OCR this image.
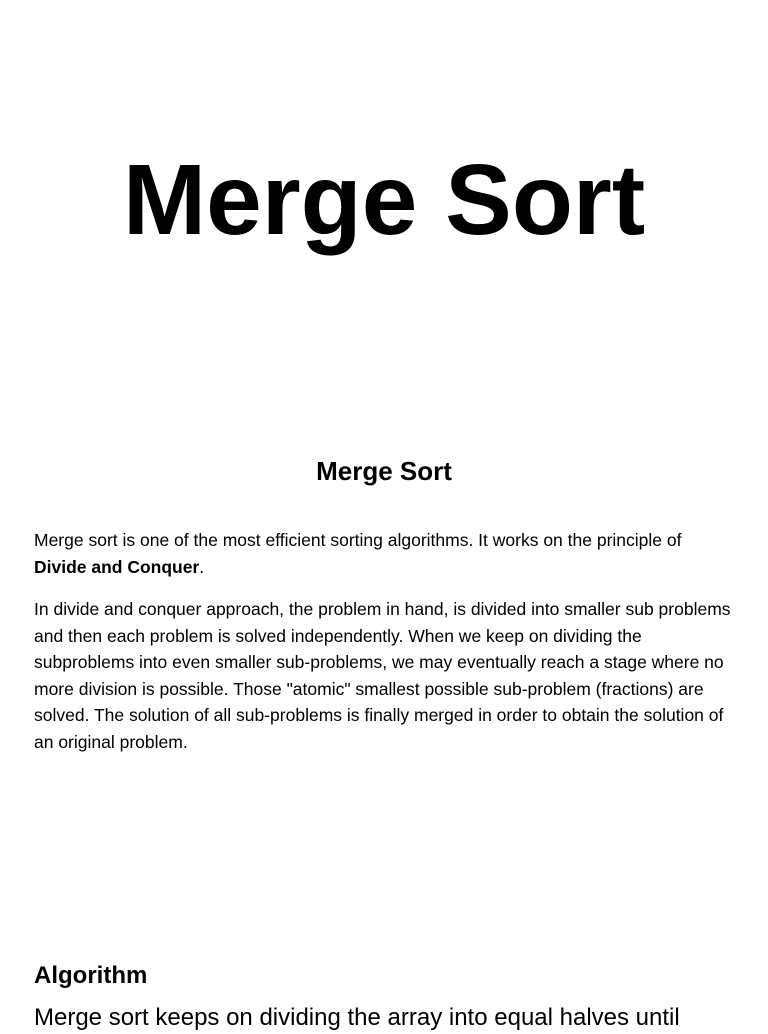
Merge Sort
Merge Sort

Merge sort is one of the most efficient sorting algorithms. It works on the principle of Divide and Conquer.

In divide and conquer approach, the problem in hand, is divided into smaller sub problems and then each problem is solved independently. When we keep on dividing the subproblems into even smaller sub-problems, we may eventually reach a stage where no more division is possible. Those "atomic" smallest possible sub-problem (fractions) are solved. The solution of all sub-problems is finally merged in order to obtain the solution of an original problem.

Algorithm

Merge sort keeps on dividing the array into equal halves until
